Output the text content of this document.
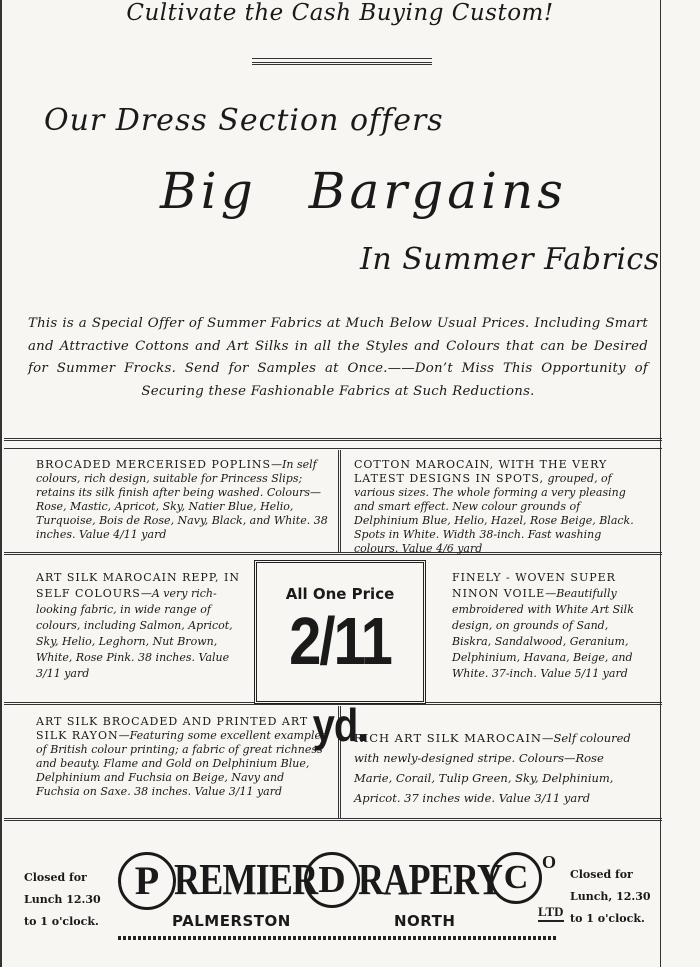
Cultivate the Cash Buying Custom!
Our Dress Section offers
Big Bargains
In Summer Fabrics
This is a Special Offer of Summer Fabrics at Much Below Usual Prices. Including Smart and Attractive Cottons and Art Silks in all the Styles and Colours that can be Desired for Summer Frocks. Send for Samples at Once.——Don’t Miss This Opportunity of Securing these Fashionable Fabrics at Such Reductions.
BROCADED MERCERISED POPLINS—In self colours, rich design, suitable for Princess Slips; retains its silk finish after being washed. Colours—Rose, Mastic, Apricot, Sky, Natier Blue, Helio, Turquoise, Bois de Rose, Navy, Black, and White. 38 inches. Value 4/11 yard
COTTON MAROCAIN, WITH THE VERY LATEST DESIGNS IN SPOTS, grouped, of various sizes. The whole forming a very pleasing and smart effect. New colour grounds of Delphinium Blue, Helio, Hazel, Rose Beige, Black. Spots in White. Width 38-inch. Fast washing colours. Value 4/6 yard
ART SILK MAROCAIN REPP, IN SELF COLOURS—A very rich-looking fabric, in wide range of colours, including Salmon, Apricot, Sky, Helio, Leghorn, Nut Brown, White, Rose Pink. 38 inches. Value 3/11 yard
All One Price
2/11 yd.
FINELY - WOVEN SUPER NINON VOILE—Beautifully embroidered with White Art Silk design, on grounds of Sand, Biskra, Sandalwood, Geranium, Delphinium, Havana, Beige, and White. 37-inch. Value 5/11 yard
ART SILK BROCADED AND PRINTED ART SILK RAYON—Featuring some excellent examples of British colour printing; a fabric of great richness and beauty. Flame and Gold on Delphinium Blue, Delphinium and Fuchsia on Beige, Navy and Fuchsia on Saxe. 38 inches. Value 3/11 yard
RICH ART SILK MAROCAIN—Self coloured with newly-designed stripe. Colours—Rose Marie, Corail, Tulip Green, Sky, Delphinium, Apricot. 37 inches wide. Value 3/11 yard
Closed for
Lunch 12.30
to 1 o'clock.
P REMIER D RAPERY C O
PALMERSTON	NORTH
LTD
Closed for
Lunch, 12.30
to 1 o'clock.
